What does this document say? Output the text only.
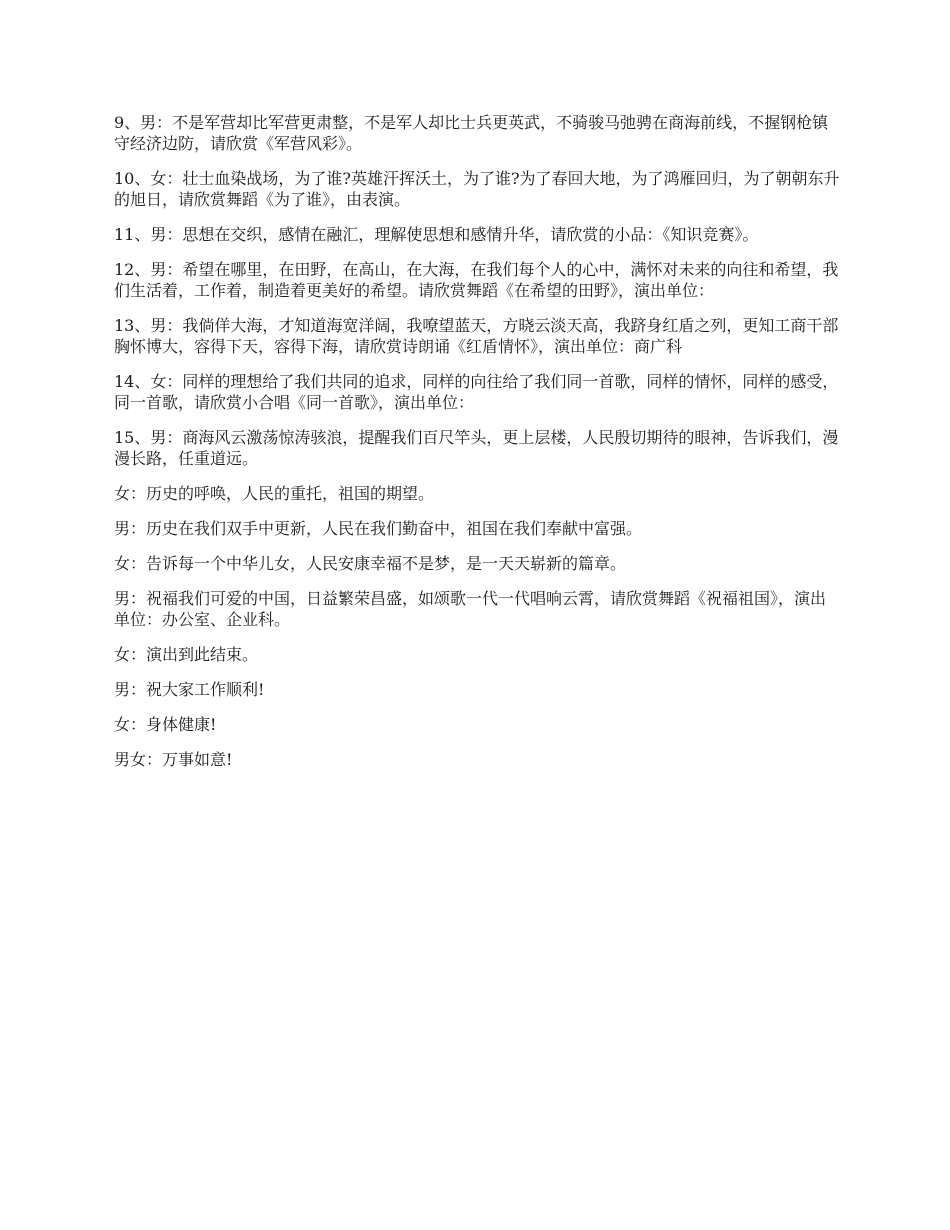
9、男：不是军营却比军营更肃整，不是军人却比士兵更英武，不骑骏马弛骋在商海前线，不握钢枪镇守经济边防，请欣赏《军营风彩》。

10、女：壮士血染战场，为了谁?英雄汗挥沃土，为了谁?为了春回大地，为了鸿雁回归，为了朝朝东升的旭日，请欣赏舞蹈《为了谁》，由表演。

11、男：思想在交织，感情在融汇，理解使思想和感情升华，请欣赏的小品：《知识竞赛》。

12、男：希望在哪里，在田野，在高山，在大海，在我们每个人的心中，满怀对未来的向往和希望，我们生活着，工作着，制造着更美好的希望。请欣赏舞蹈《在希望的田野》，演出单位：

13、男：我倘佯大海，才知道海宽洋阔，我嘹望蓝天，方晓云淡天高，我跻身红盾之列，更知工商干部胸怀博大，容得下天，容得下海，请欣赏诗朗诵《红盾情怀》，演出单位：商广科

14、女：同样的理想给了我们共同的追求，同样的向往给了我们同一首歌，同样的情怀，同样的感受，同一首歌，请欣赏小合唱《同一首歌》，演出单位：

15、男：商海风云激荡惊涛骇浪，提醒我们百尺竿头，更上层楼，人民殷切期待的眼神，告诉我们，漫漫长路，任重道远。

女：历史的呼唤，人民的重托，祖国的期望。

男：历史在我们双手中更新，人民在我们勤奋中，祖国在我们奉献中富强。

女：告诉每一个中华儿女，人民安康幸福不是梦，是一天天崭新的篇章。

男：祝福我们可爱的中国，日益繁荣昌盛，如颂歌一代一代唱响云霄，请欣赏舞蹈《祝福祖国》，演出单位：办公室、企业科。

女：演出到此结束。

男：祝大家工作顺利!

女：身体健康!

男女：万事如意!
